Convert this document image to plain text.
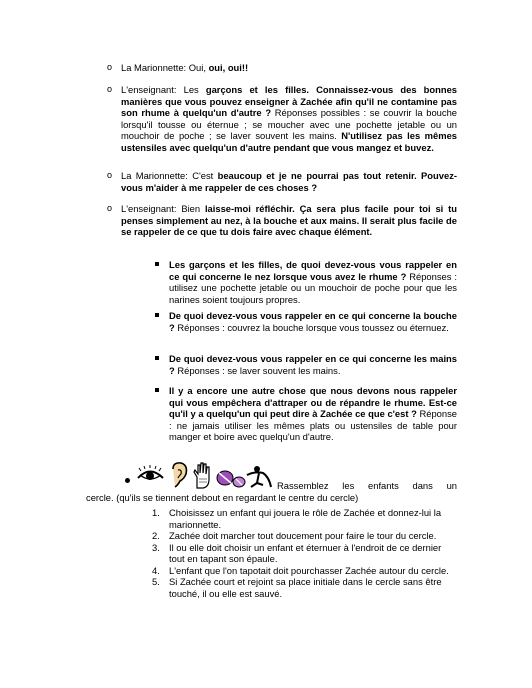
o La Marionnette: Oui, oui, oui!!
o L'enseignant: Les garçons et les filles. Connaissez-vous des bonnes manières que vous pouvez enseigner à Zachée afin qu'il ne contamine pas son rhume à quelqu'un d'autre ? Réponses possibles : se couvrir la bouche lorsqu'il tousse ou éternue ; se moucher avec une pochette jetable ou un mouchoir de poche ; se laver souvent les mains. N'utilisez pas les mêmes ustensiles avec quelqu'un d'autre pendant que vous mangez et buvez.
o La Marionnette: C'est beaucoup et je ne pourrai pas tout retenir. Pouvez-vous m'aider à me rappeler de ces choses ?
o L'enseignant: Bien laisse-moi réfléchir. Ça sera plus facile pour toi si tu penses simplement au nez, à la bouche et aux mains. Il serait plus facile de se rappeler de ce que tu dois faire avec chaque élément.
Les garçons et les filles, de quoi devez-vous vous rappeler en ce qui concerne le nez lorsque vous avez le rhume ? Réponses : utilisez une pochette jetable ou un mouchoir de poche pour que les narines soient toujours propres.
De quoi devez-vous vous rappeler en ce qui concerne la bouche ? Réponses : couvrez la bouche lorsque vous toussez ou éternuez.
De quoi devez-vous vous rappeler en ce qui concerne les mains ? Réponses : se laver souvent les mains.
Il y a encore une autre chose que nous devons nous rappeler qui vous empêchera d'attraper ou de répandre le rhume. Est-ce qu'il y a quelqu'un qui peut dire à Zachée ce que c'est ? Réponse : ne jamais utiliser les mêmes plats ou ustensiles de table pour manger et boire avec quelqu'un d'autre.
Rassemblez les enfants dans un
cercle. (qu'ils se tiennent debout en regardant le centre du cercle)
1. Choisissez un enfant qui jouera le rôle de Zachée et donnez-lui la marionnette.
2. Zachée doit marcher tout doucement pour faire le tour du cercle.
3. Il ou elle doit choisir un enfant et éternuer à l'endroit de ce dernier tout en tapant son épaule.
4. L'enfant que l'on tapotait doit pourchasser Zachée autour du cercle.
5. Si Zachée court et rejoint sa place initiale dans le cercle sans être touché, il ou elle est sauvé.
